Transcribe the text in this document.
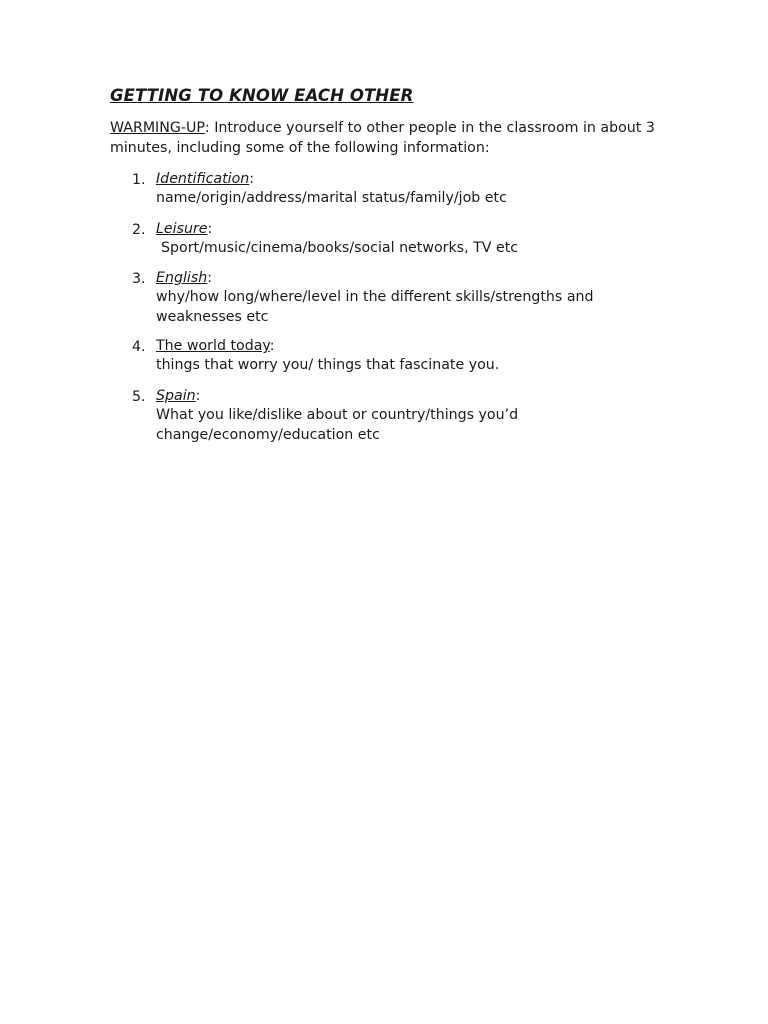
GETTING TO KNOW EACH OTHER

WARMING-UP: Introduce yourself to other people in the classroom in about 3 minutes, including some of the following information:

1. Identification:
name/origin/address/marital status/family/job etc
2. Leisure:
Sport/music/cinema/books/social networks, TV etc
3. English:
why/how long/where/level in the different skills/strengths and weaknesses etc
4. The world today:
things that worry you/ things that fascinate you.
5. Spain:
What you like/dislike about or country/things you’d change/economy/education etc
